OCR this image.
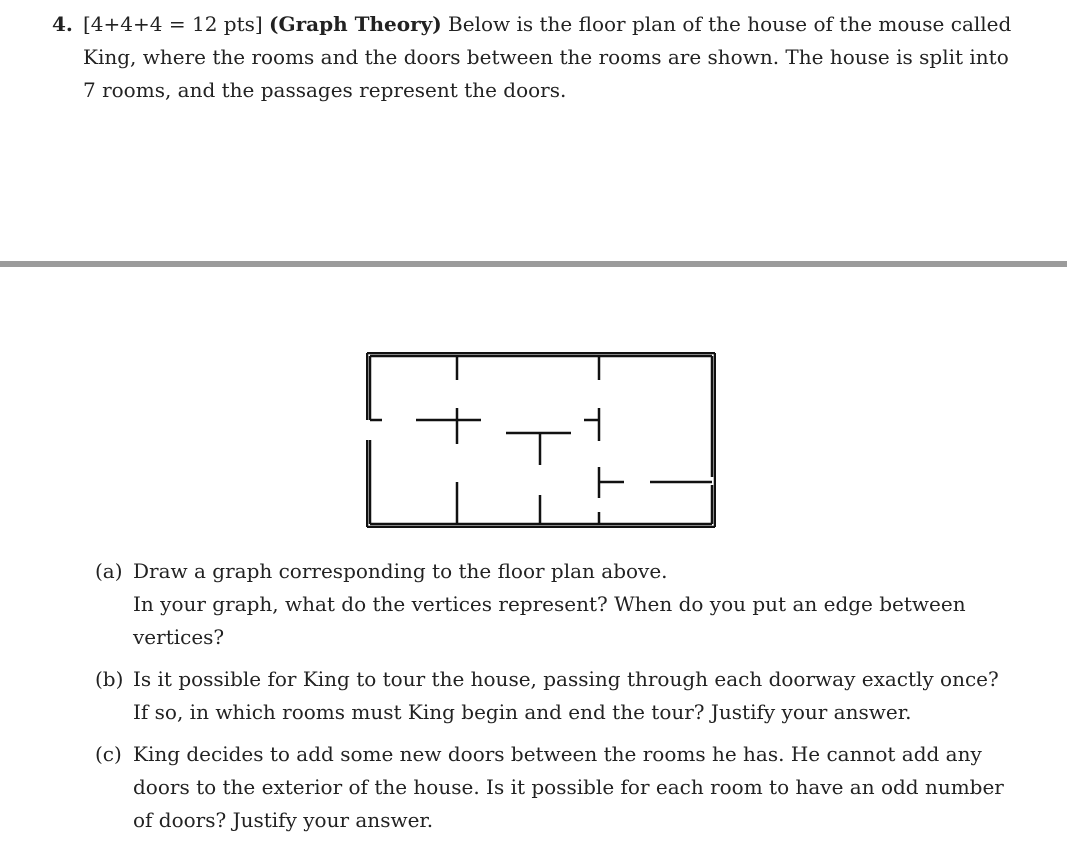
4. [4+4+4 = 12 pts] (Graph Theory) Below is the floor plan of the house of the mouse called King, where the rooms and the doors between the rooms are shown. The house is split into 7 rooms, and the passages represent the doors.
(a) Draw a graph corresponding to the floor plan above.
In your graph, what do the vertices represent? When do you put an edge between vertices?
(b) Is it possible for King to tour the house, passing through each doorway exactly once? If so, in which rooms must King begin and end the tour? Justify your answer.
(c) King decides to add some new doors between the rooms he has. He cannot add any doors to the exterior of the house. Is it possible for each room to have an odd number of doors? Justify your answer.
